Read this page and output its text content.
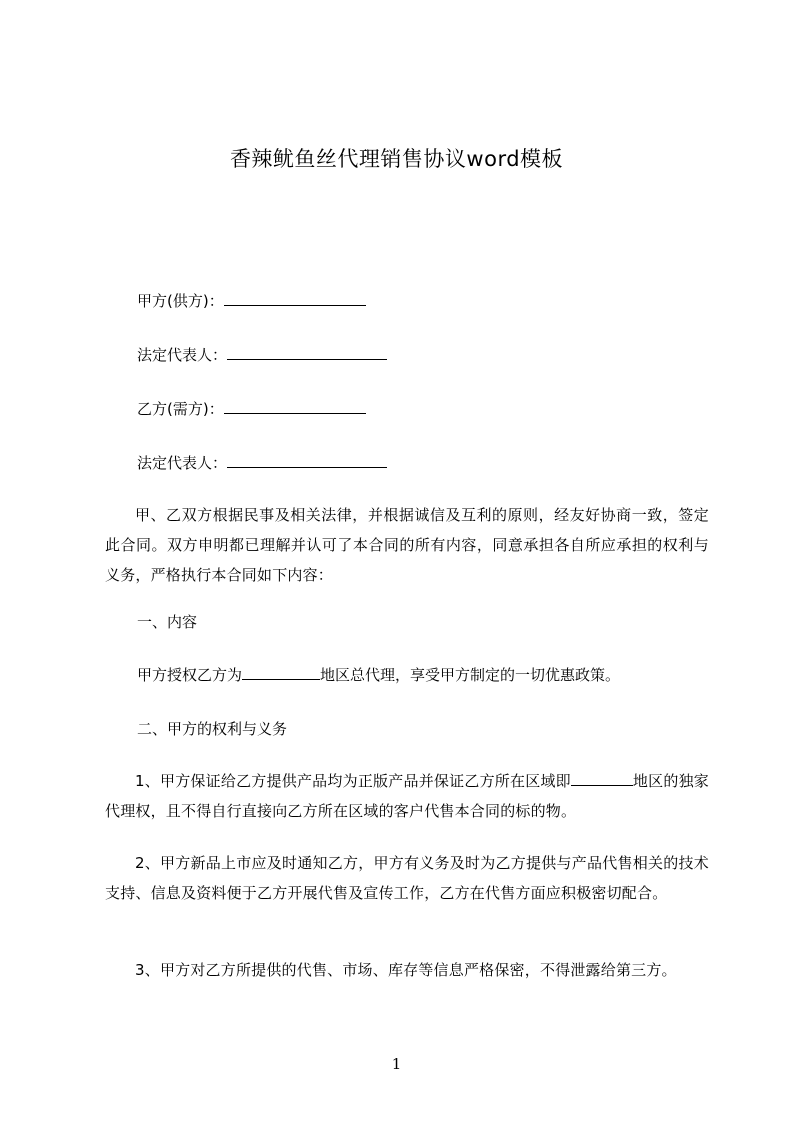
香辣鱿鱼丝代理销售协议word模板
甲方(供方)：
法定代表人：
乙方(需方)：
法定代表人：
甲、乙双方根据民事及相关法律，并根据诚信及互利的原则，经友好协商一致，签定此合同。双方申明都已理解并认可了本合同的所有内容，同意承担各自所应承担的权利与义务，严格执行本合同如下内容：
一、内容
甲方授权乙方为	地区总代理，享受甲方制定的一切优惠政策。
二、甲方的权利与义务
1、甲方保证给乙方提供产品均为正版产品并保证乙方所在区域即	地区的独家代理权，且不得自行直接向乙方所在区域的客户代售本合同的标的物。
2、甲方新品上市应及时通知乙方，甲方有义务及时为乙方提供与产品代售相关的技术支持、信息及资料便于乙方开展代售及宣传工作，乙方在代售方面应积极密切配合。
3、甲方对乙方所提供的代售、市场、库存等信息严格保密，不得泄露给第三方。
1
